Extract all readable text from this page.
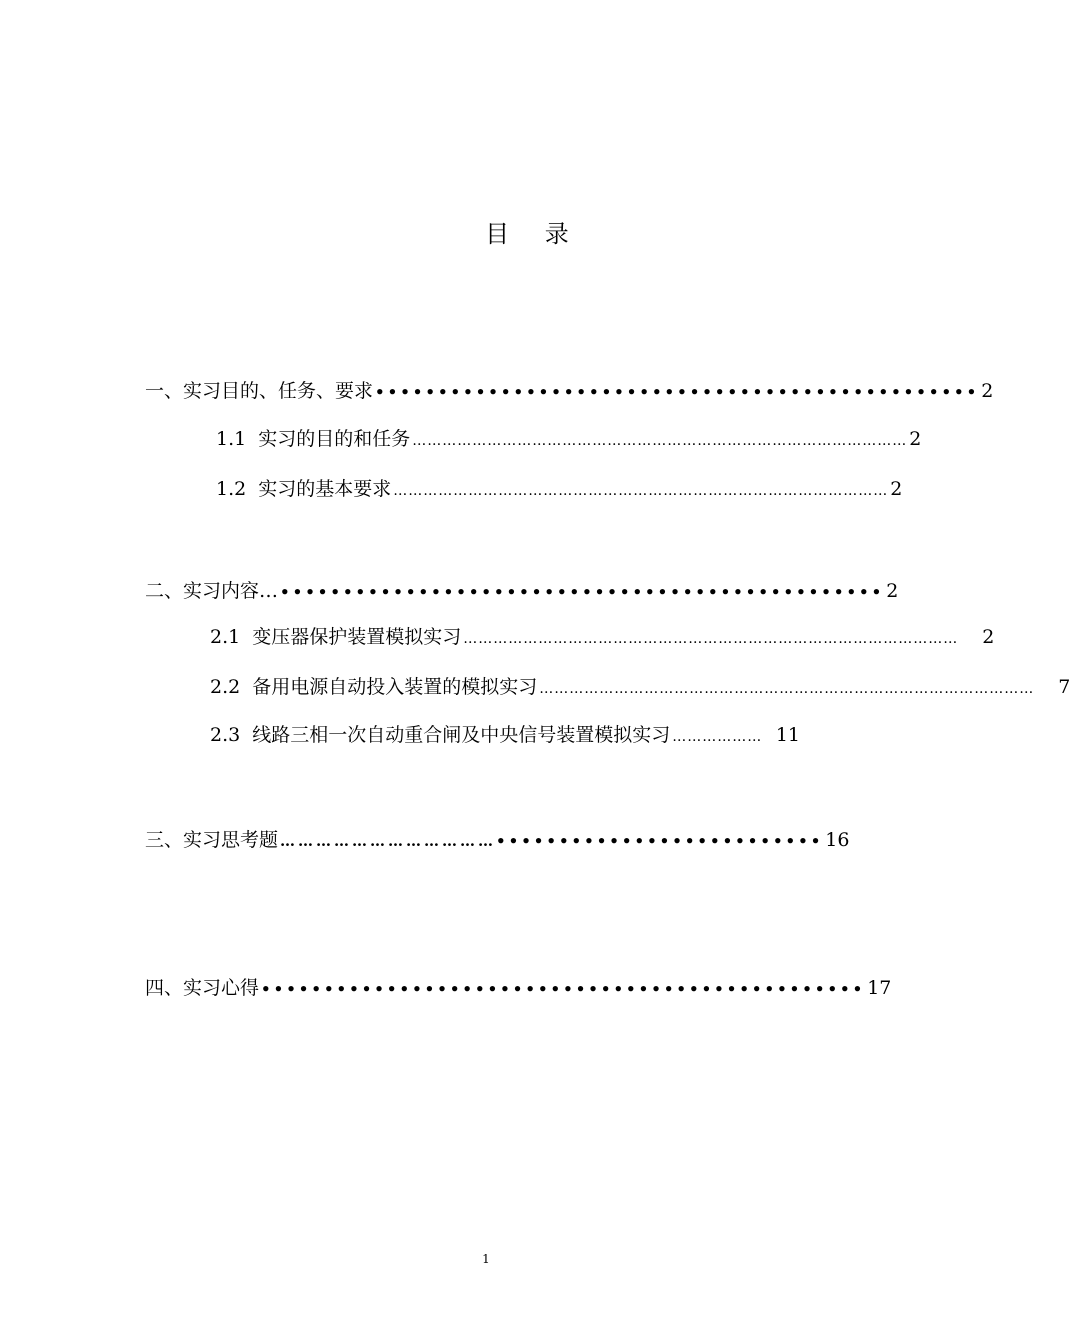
目 录
一、实习目的、任务、要求 •••••••••••••••••••••••••••••••••••••••••••••••• 2
1.1 实习的目的和任务 ……………………………………………………………………………………… 2
1.2 实习的基本要求 ……………………………………………………………………………………… 2
二、实习内容… •••••••••••••••••••••••••••••••••••••••••••••••• 2
2.1 变压器保护装置模拟实习 ……………………………………………………………………………………… 2
2.2 备用电源自动投入装置的模拟实习 ……………………………………………………………………………………… 7
2.3 线路三相一次自动重合闸及中央信号装置模拟实习 ……………… 11
三、实习思考题 ………………………………•••••••••••••••••••••••••• 16
四、实习心得 •••••••••••••••••••••••••••••••••••••••••••••••• 17
1
